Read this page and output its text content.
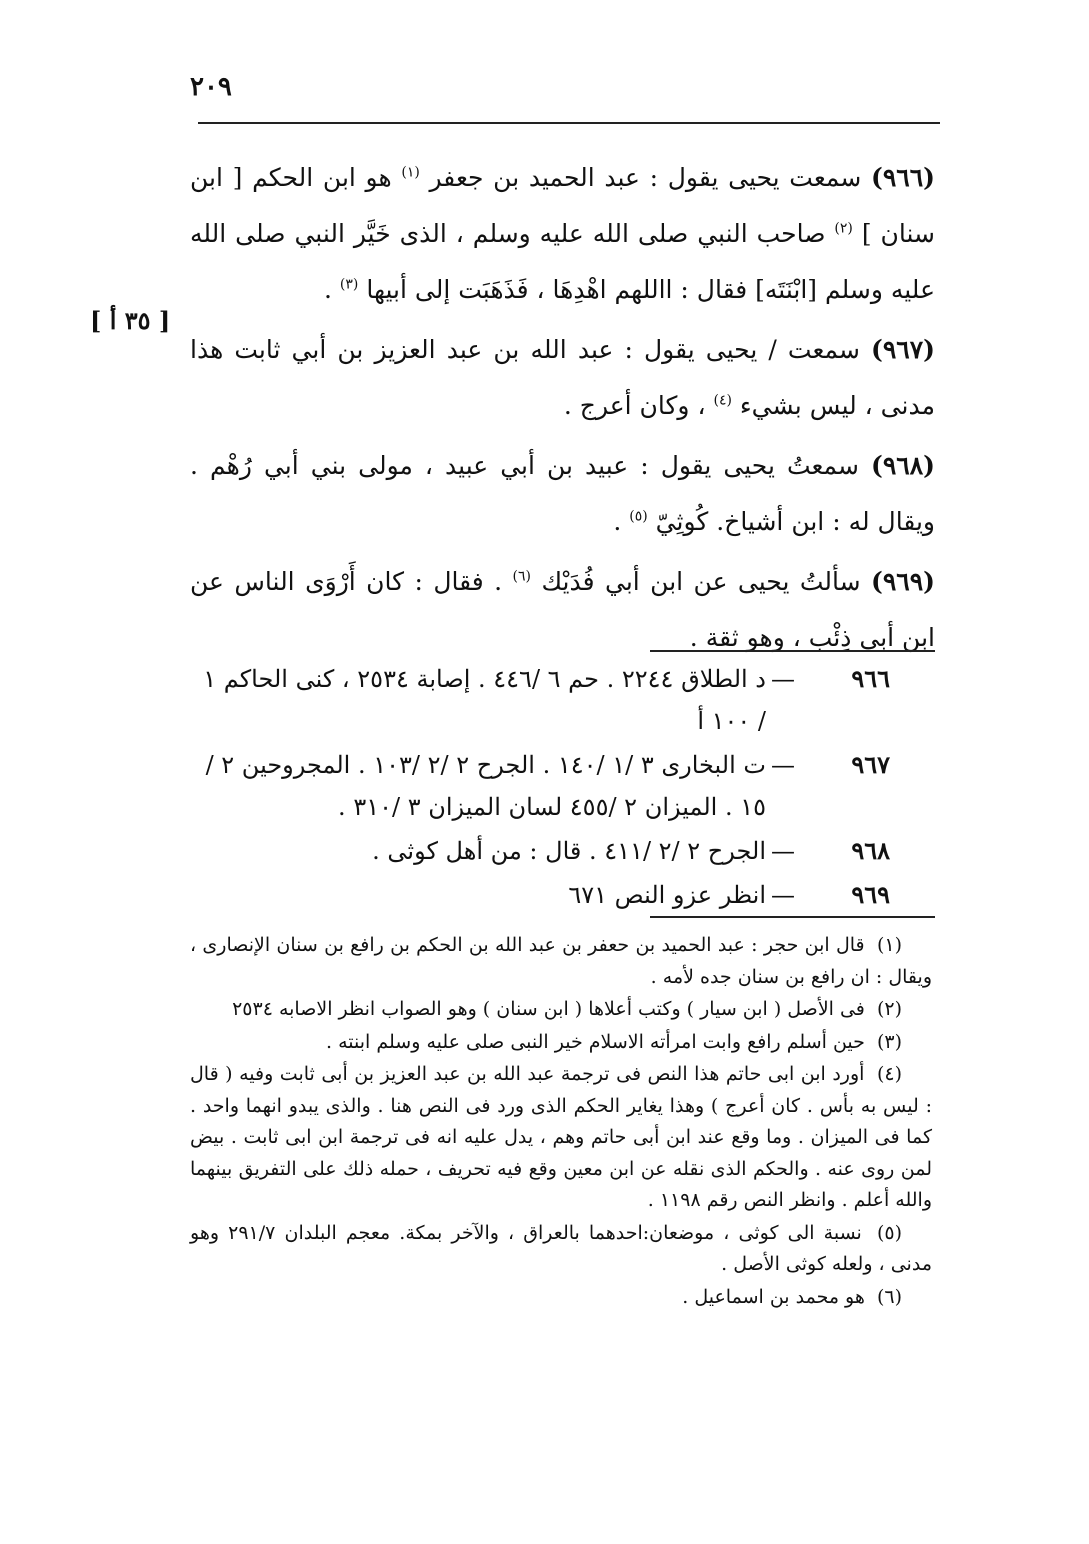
٢٠٩
[ ٣٥ أ ]

(٩٦٦) سمعت يحيى يقول : عبد الحميد بن جعفر $^{(١)}$ هو ابن الحكم [ ابن سنان ] $^{(٢)}$ صاحب النبي صلى الله عليه وسلم ، الذى خَيَّر النبي صلى الله عليه وسلم [ابْنَتَه] فقال : االلهم اهْدِهَا ، فَذَهَبَت إلى أبيها $^{(٣)}$ .

(٩٦٧) سمعت / يحيى يقول : عبد الله بن عبد العزيز بن أبي ثابت هذا مدنى ، ليس بشيء $^{(٤)}$ ، وكان أعرج .

(٩٦٨) سمعتُ يحيى يقول : عبيد بن أبي عبيد ، مولى بني أبي رُهْم . ويقال له : ابن أشياخ. كُوثِيّ $^{(٥)}$ .

(٩٦٩) سألتُ يحيى عن ابن أبي فُدَيْك $^{(٦)}$ . فقال : كان أَرْوَى الناس عن ابن أبي ذِئْب ، وهو ثقة .

٩٦٦
—
د الطلاق ٢٢٤٤ . حم ٦ /٤٤٦ . إصابة ٢٥٣٤ ، كنى الحاكم ١ / ١٠٠ أ
٩٦٧
—
ت البخارى ٣ /١ /١٤٠ . الجرح ٢ /٢ /١٠٣ . المجروحين ٢ / ١٥ . الميزان ٢ /٤٥٥ لسان الميزان ٣ /٣١٠ .
٩٦٨
—
الجرح ٢ /٢ /٤١١ . قال : من أهل كوثى .
٩٦٩
—
انظر عزو النص ٦٧١

(١) قال ابن حجر : عبد الحميد بن حعفر بن عبد الله بن الحكم بن رافع بن سنان الإنصارى ، ويقال : ان رافع بن سنان جده لأمه .

(٢) فى الأصل ( ابن سيار ) وكتب أعلاها ( ابن سنان ) وهو الصواب انظر الاصابه ٢٥٣٤

(٣) حين أسلم رافع وابت امرأته الاسلام خير النبى صلى عليه وسلم ابنته .

(٤) أورد ابن ابى حاتم هذا النص فى ترجمة عبد الله بن عبد العزيز بن أبى ثابت وفيه ( قال : ليس به بأس . كان أعرج ) وهذا يغاير الحكم الذى ورد فى النص هنا . والذى يبدو انهما واحد . كما فى الميزان . وما وقع عند ابن أبى حاتم وهم ، يدل عليه انه فى ترجمة ابن ابى ثابت . بيض لمن روى عنه . والحكم الذى نقله عن ابن معين وقع فيه تحريف ، حمله ذلك على التفريق بينهما والله أعلم . وانظر النص رقم ١١٩٨ .

(٥) نسبة الى كوثى ، موضعان:احدهما بالعراق ، والآخر بمكة. معجم البلدان ٢٩١/٧ وهو مدنى ، ولعله كوثى الأصل .

(٦) هو محمد بن اسماعيل .
